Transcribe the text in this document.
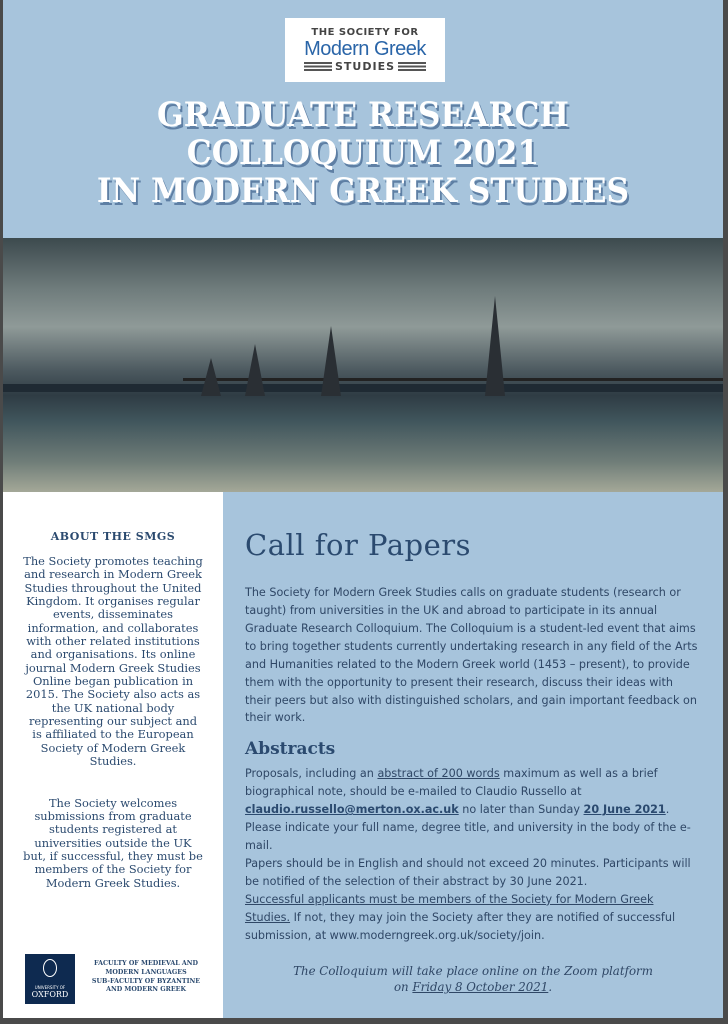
THE SOCIETY FOR
Modern Greek
STUDIES
GRADUATE RESEARCH
COLLOQUIUM 2021
IN MODERN GREEK STUDIES
ABOUT THE SMGS

The Society promotes teaching and research in Modern Greek Studies throughout the United Kingdom. It organises regular events, disseminates information, and collaborates with other related institutions and organisations. Its online journal Modern Greek Studies Online began publication in 2015. The Society also acts as the UK national body representing our subject and is affiliated to the European Society of Modern Greek Studies.

The Society welcomes submissions from graduate students registered at universities outside the UK but, if successful, they must be members of the Society for Modern Greek Studies.

UNIVERSITY OF
OXFORD
FACULTY OF MEDIEVAL AND
MODERN LANGUAGES
SUB-FACULTY OF BYZANTINE
AND MODERN GREEK
Call for Papers

The Society for Modern Greek Studies calls on graduate students (research or taught) from universities in the UK and abroad to participate in its annual Graduate Research Colloquium. The Colloquium is a student-led event that aims to bring together students currently undertaking research in any field of the Arts and Humanities related to the Modern Greek world (1453 – present), to provide them with the opportunity to present their research, discuss their ideas with their peers but also with distinguished scholars, and gain important feedback on their work.

Abstracts

Proposals, including an abstract of 200 words maximum as well as a brief biographical note, should be e-mailed to Claudio Russello at claudio.russello@merton.ox.ac.uk no later than Sunday 20 June 2021. Please indicate your full name, degree title, and university in the body of the e-mail.

Papers should be in English and should not exceed 20 minutes. Participants will be notified of the selection of their abstract by 30 June 2021.

Successful applicants must be members of the Society for Modern Greek Studies. If not, they may join the Society after they are notified of successful submission, at www.moderngreek.org.uk/society/join.

The Colloquium will take place online on the Zoom platform
on Friday 8 October 2021.
